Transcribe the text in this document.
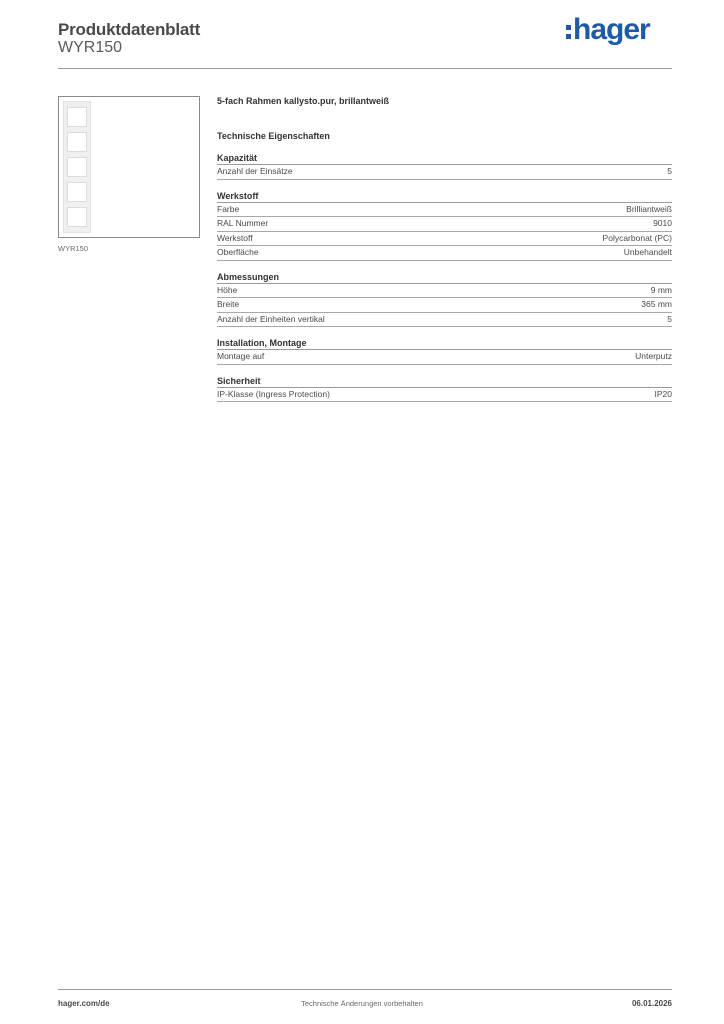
Produktdatenblatt
WYR150
hager
WYR150
5-fach Rahmen kallysto.pur, brillantweiß
Technische Eigenschaften
Kapazität
Anzahl der Einsätze	5
Werkstoff
Farbe	Brilliantweiß
RAL Nummer	9010
Werkstoff	Polycarbonat (PC)
Oberfläche	Unbehandelt
Abmessungen
Höhe	9 mm
Breite	365 mm
Anzahl der Einheiten vertikal	5
Installation, Montage
Montage auf	Unterputz
Sicherheit
IP-Klasse (Ingress Protection)	IP20
hager.com/de	Technische Änderungen vorbehalten	06.01.2026
